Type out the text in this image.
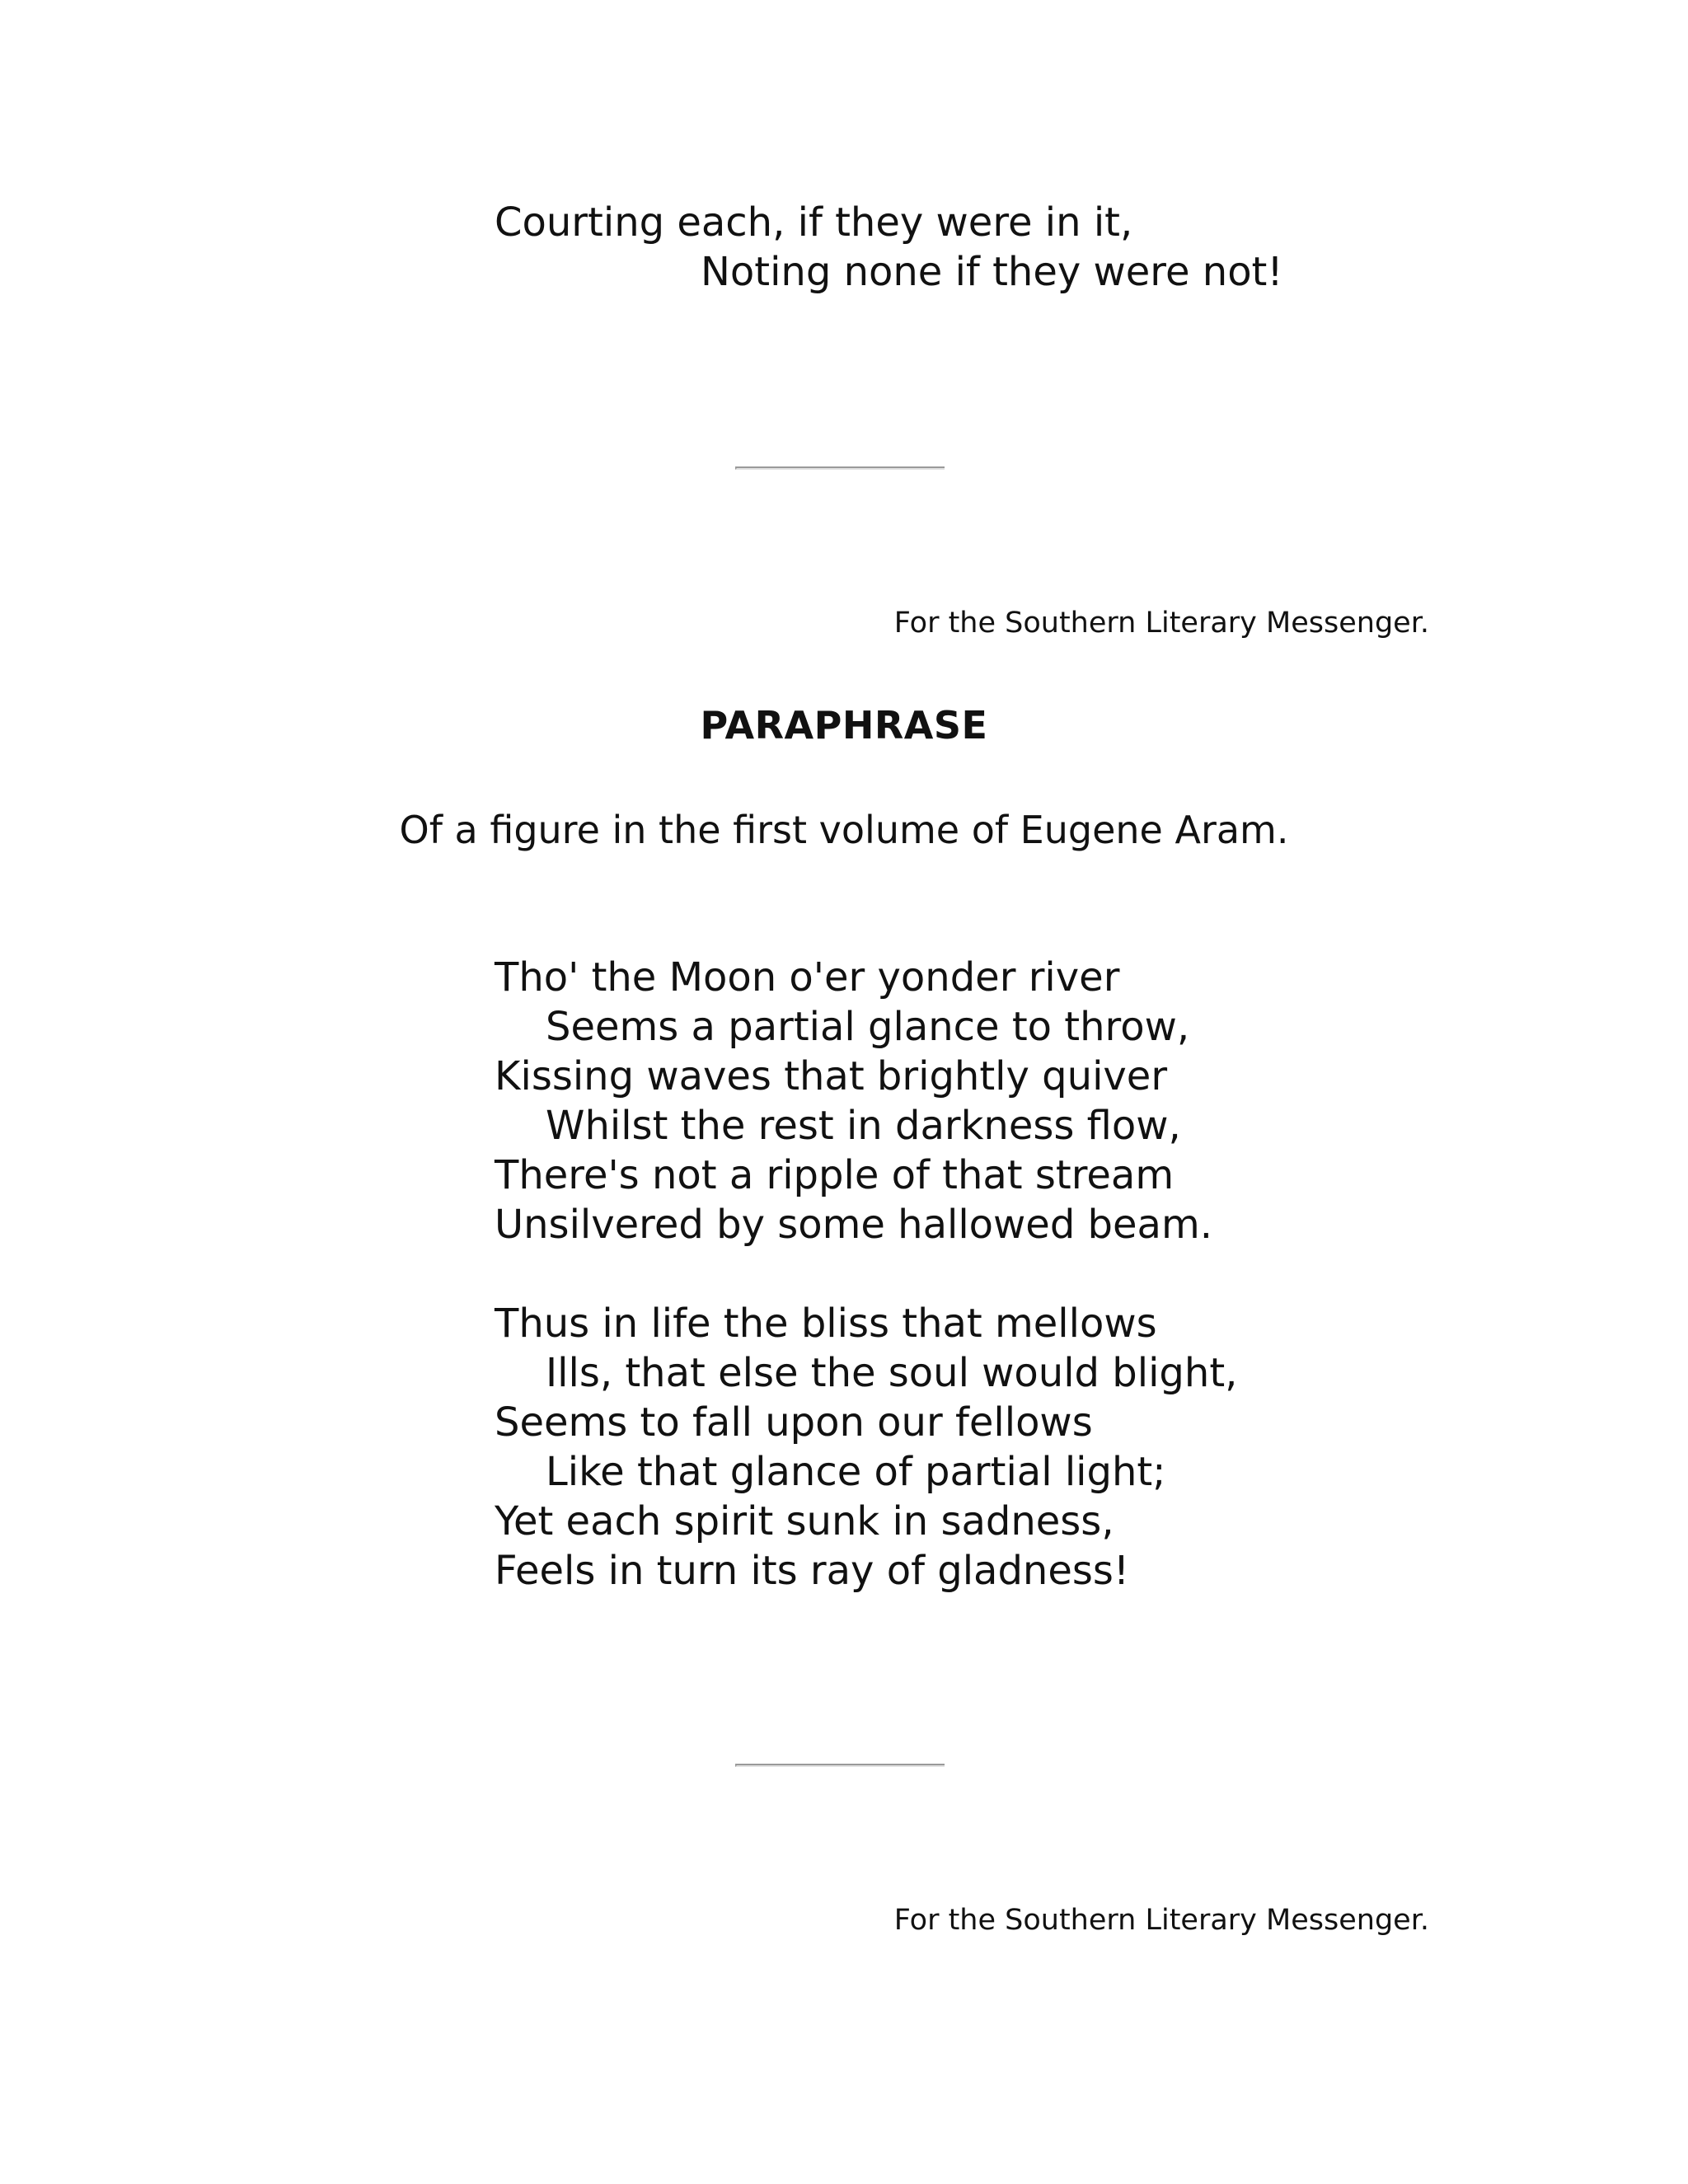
Courting each, if they were in it,
Noting none if they were not!
For the Southern Literary Messenger.
PARAPHRASE
Of a figure in the first volume of Eugene Aram.
Tho' the Moon o'er yonder river
Seems a partial glance to throw,
Kissing waves that brightly quiver
Whilst the rest in darkness flow,
There's not a ripple of that stream
Unsilvered by some hallowed beam.
Thus in life the bliss that mellows
Ills, that else the soul would blight,
Seems to fall upon our fellows
Like that glance of partial light;
Yet each spirit sunk in sadness,
Feels in turn its ray of gladness!
For the Southern Literary Messenger.
